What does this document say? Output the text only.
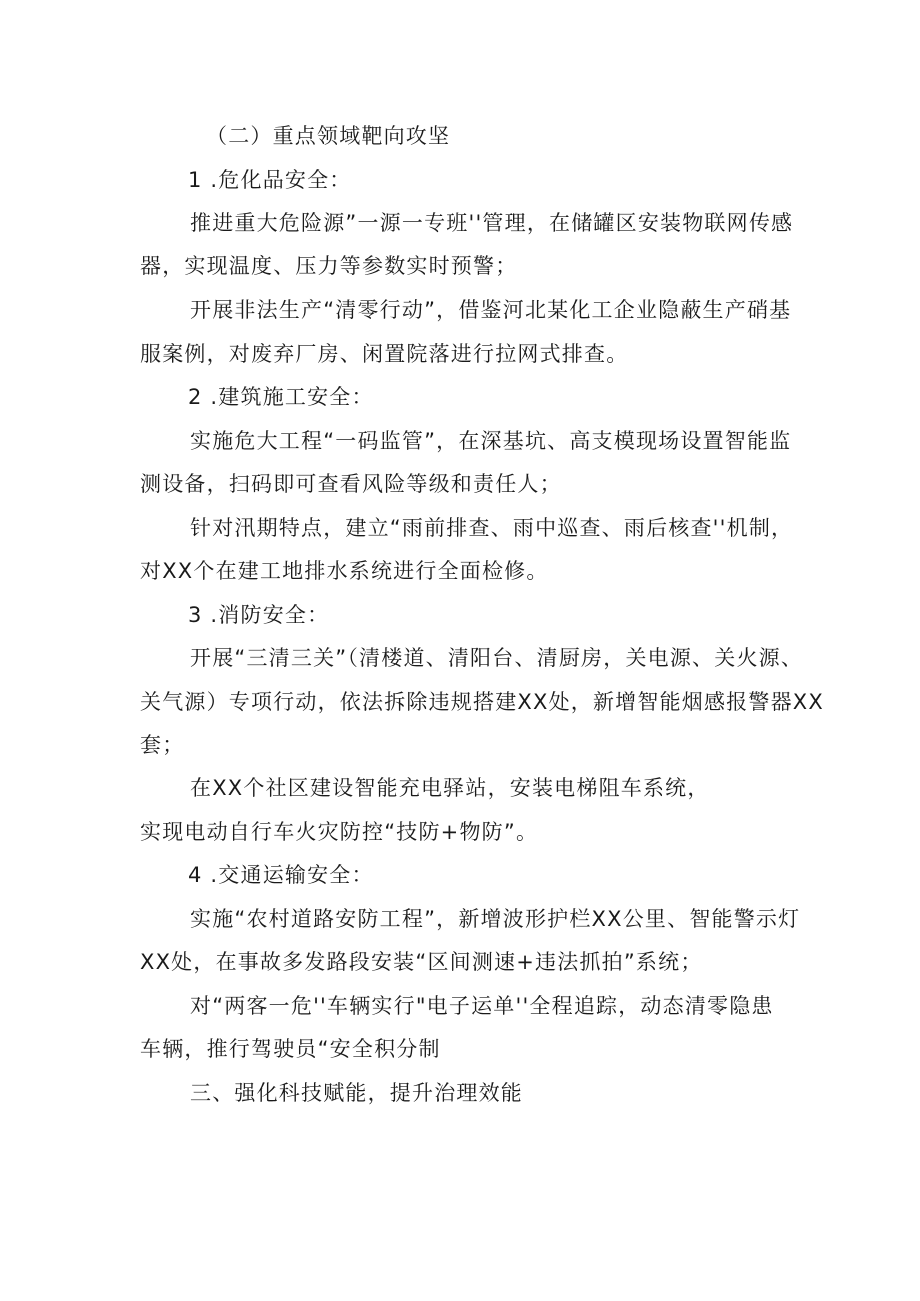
（二）重点领域靶向攻坚
1 .危化品安全：
推进重大危险源”一源一专班''管理，在储罐区安装物联网传感
器，实现温度、压力等参数实时预警；
开展非法生产“清零行动”，借鉴河北某化工企业隐蔽生产硝基
服案例，对废弃厂房、闲置院落进行拉网式排查。
2 .建筑施工安全：
实施危大工程“一码监管”，在深基坑、高支模现场设置智能监
测设备，扫码即可查看风险等级和责任人；
针对汛期特点，建立“雨前排查、雨中巡查、雨后核查''机制，
对XX个在建工地排水系统进行全面检修。
3 .消防安全：
开展“三清三关”（清楼道、清阳台、清厨房，关电源、关火源、
关气源）专项行动，依法拆除违规搭建XX处，新增智能烟感报警器XX
套；
在XX个社区建设智能充电驿站，安装电梯阻车系统，
实现电动自行车火灾防控“技防+物防”。
4 .交通运输安全：
实施“农村道路安防工程”，新增波形护栏XX公里、智能警示灯
XX处，在事故多发路段安装“区间测速+违法抓拍”系统；
对“两客一危''车辆实行"电子运单''全程追踪，动态清零隐患
车辆，推行驾驶员“安全积分制
三、强化科技赋能，提升治理效能
